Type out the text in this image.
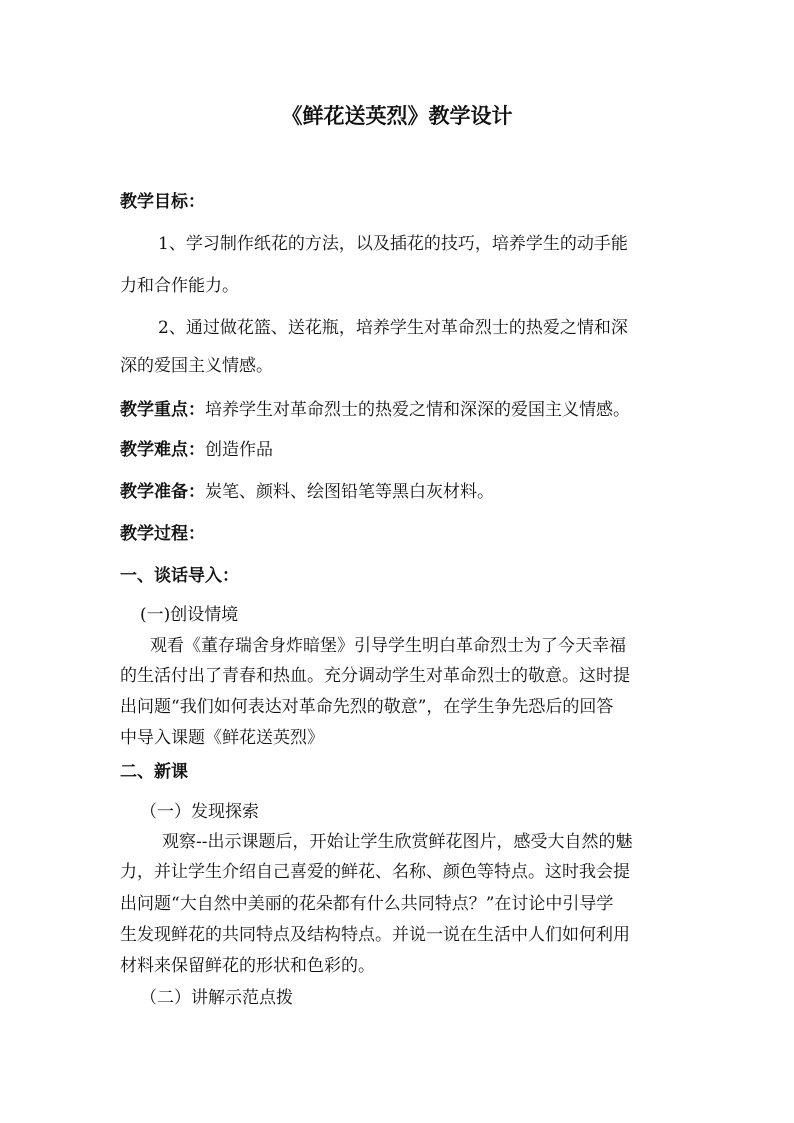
《鲜花送英烈》教学设计
教学目标：
1、学习制作纸花的方法，以及插花的技巧，培养学生的动手能
力和合作能力。
2、通过做花篮、送花瓶，培养学生对革命烈士的热爱之情和深
深的爱国主义情感。
教学重点：培养学生对革命烈士的热爱之情和深深的爱国主义情感。
教学难点：创造作品
教学准备：炭笔、颜料、绘图铅笔等黑白灰材料。
教学过程：
一、谈话导入：
(一)创设情境
观看《董存瑞舍身炸暗堡》引导学生明白革命烈士为了今天幸福
的生活付出了青春和热血。充分调动学生对革命烈士的敬意。这时提
出问题“我们如何表达对革命先烈的敬意”，在学生争先恐后的回答
中导入课题《鲜花送英烈》
二、新课
（一）发现探索
观察--出示课题后，开始让学生欣赏鲜花图片，感受大自然的魅
力，并让学生介绍自己喜爱的鲜花、名称、颜色等特点。这时我会提
出问题“大自然中美丽的花朵都有什么共同特点？”在讨论中引导学
生发现鲜花的共同特点及结构特点。并说一说在生活中人们如何利用
材料来保留鲜花的形状和色彩的。
（二）讲解示范点拨
